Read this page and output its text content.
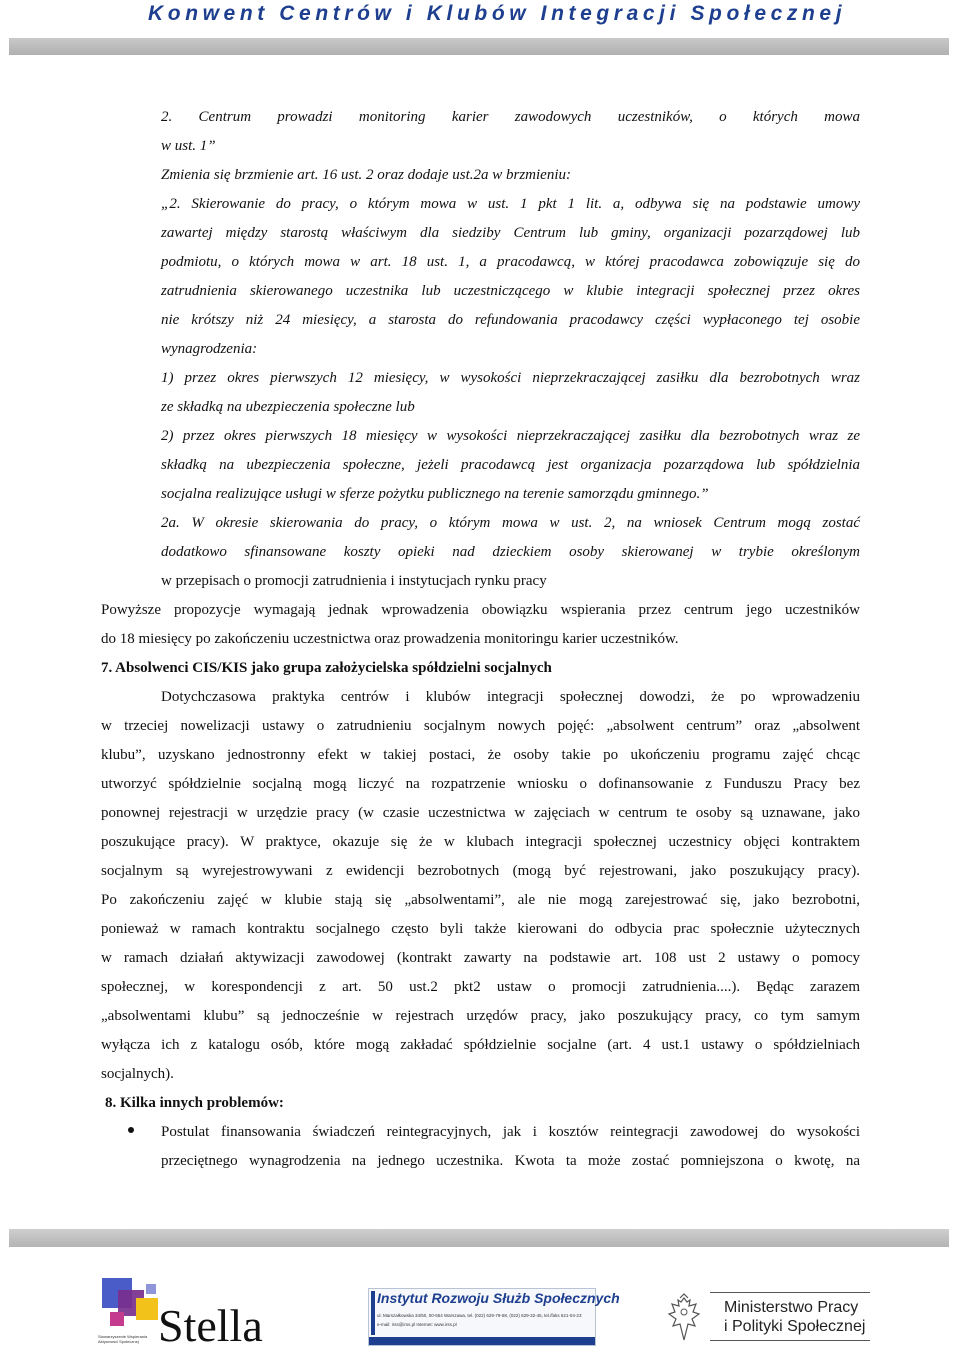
Konwent Centrów i Klubów Integracji Społecznej
2. Centrum prowadzi monitoring karier zawodowych uczestników, o których mowa
w ust. 1”
Zmienia się brzmienie art. 16 ust. 2 oraz dodaje ust.2a w brzmieniu:
„2. Skierowanie do pracy, o którym mowa w ust. 1 pkt 1 lit. a, odbywa się na podstawie umowy
zawartej między starostą właściwym dla siedziby Centrum lub gminy, organizacji pozarządowej lub
podmiotu, o których mowa w art. 18 ust. 1, a pracodawcą, w której pracodawca zobowiązuje się do
zatrudnienia skierowanego uczestnika lub uczestniczącego w klubie integracji społecznej przez okres
nie krótszy niż 24 miesięcy, a starosta do refundowania pracodawcy części wypłaconego tej osobie
wynagrodzenia:
1) przez okres pierwszych 12 miesięcy, w wysokości nieprzekraczającej zasiłku dla bezrobotnych wraz
ze składką na ubezpieczenia społeczne lub
2) przez okres pierwszych 18 miesięcy w wysokości nieprzekraczającej zasiłku dla bezrobotnych wraz ze
składką na ubezpieczenia społeczne, jeżeli pracodawcą jest organizacja pozarządowa lub spółdzielnia
socjalna realizujące usługi w sferze pożytku publicznego na terenie samorządu gminnego.”
2a. W okresie skierowania do pracy, o którym mowa w ust. 2, na wniosek Centrum mogą zostać
dodatkowo sfinansowane koszty opieki nad dzieckiem osoby skierowanej w trybie określonym
w przepisach o promocji zatrudnienia i instytucjach rynku pracy
Powyższe propozycje wymagają jednak wprowadzenia obowiązku wspierania przez centrum jego uczestników
do 18 miesięcy po zakończeniu uczestnictwa oraz prowadzenia monitoringu karier uczestników.
7. Absolwenci CIS/KIS jako grupa założycielska spółdzielni socjalnych
Dotychczasowa praktyka centrów i klubów integracji społecznej dowodzi, że po wprowadzeniu
w trzeciej nowelizacji ustawy o zatrudnieniu socjalnym nowych pojęć: „absolwent centrum” oraz „absolwent
klubu”, uzyskano jednostronny efekt w takiej postaci, że osoby takie po ukończeniu programu zajęć chcąc
utworzyć spółdzielnie socjalną mogą liczyć na rozpatrzenie wniosku o dofinansowanie z Funduszu Pracy bez
ponownej rejestracji w urzędzie pracy (w czasie uczestnictwa w zajęciach w centrum te osoby są uznawane, jako
poszukujące pracy). W praktyce, okazuje się że w klubach integracji społecznej uczestnicy objęci kontraktem
socjalnym są wyrejestrowywani z ewidencji bezrobotnych (mogą być rejestrowani, jako poszukujący pracy).
Po zakończeniu zajęć w klubie stają się „absolwentami”, ale nie mogą zarejestrować się, jako bezrobotni,
ponieważ w ramach kontraktu socjalnego często byli także kierowani do odbycia prac społecznie użytecznych
w ramach działań aktywizacji zawodowej (kontrakt zawarty na podstawie art. 108 ust 2 ustawy o pomocy
społecznej, w korespondencji z art. 50 ust.2 pkt2 ustaw o promocji zatrudnienia....). Będąc zarazem
„absolwentami klubu” są jednocześnie w rejestrach urzędów pracy, jako poszukujący pracy, co tym samym
wyłącza ich z katalogu osób, które mogą zakładać spółdzielnie socjalne (art. 4 ust.1 ustawy o spółdzielniach
socjalnych).
8. Kilka innych problemów:
Postulat finansowania świadczeń reintegracyjnych, jak i kosztów reintegracji zawodowej do wysokości
przeciętnego wynagrodzenia na jednego uczestnika. Kwota ta może zostać pomniejszona o kwotę, na
Stella
Stowarzyszenie Wspierania Aktywności Społecznej
Instytut Rozwoju Służb Społecznych
ul. Marszałkowska 34/50, 00-554 Warszawa, tel. (022) 629-79-58, (022) 629-32-45, tel./faks 621-04-23
e-mail: irss@irss.pl Internet: www.irss.pl
DZ BANK nr konta 74 1740 0009 0000 0000 0009 0029 NIP: 526-23-30-821 REGON: 013198100
Ministerstwo Pracy
i Polityki Społecznej
